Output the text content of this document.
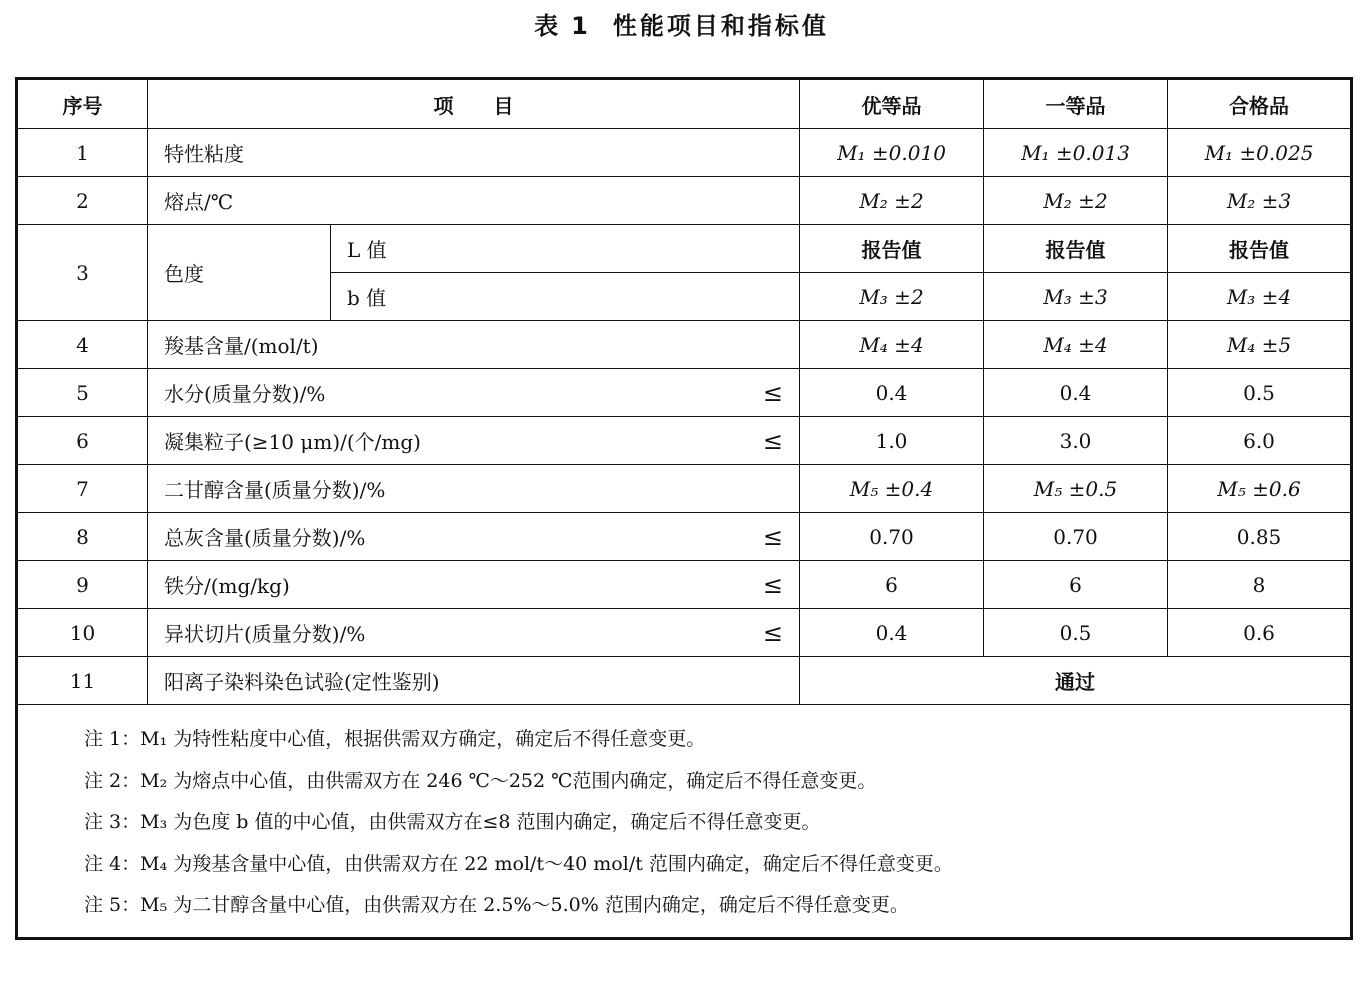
表 1 性能项目和指标值
序号	项　　目		优等品	一等品	合格品
1	特性粘度		M₁ ±0.010	M₁ ±0.013	M₁ ±0.025
2	熔点/℃		M₂ ±2	M₂ ±2	M₂ ±3
3	色度	L 值	报告值	报告值	报告值
		b 值	M₃ ±2	M₃ ±3	M₃ ±4
4	羧基含量/(mol/t)		M₄ ±4	M₄ ±4	M₄ ±5
5	水分(质量分数)/% ≤		0.4	0.4	0.5
6	凝集粒子(≥10 μm)/(个/mg) ≤		1.0	3.0	6.0
7	二甘醇含量(质量分数)/%		M₅ ±0.4	M₅ ±0.5	M₅ ±0.6
8	总灰含量(质量分数)/% ≤		0.70	0.70	0.85
9	铁分/(mg/kg) ≤		6	6	8
10	异状切片(质量分数)/% ≤		0.4	0.5	0.6
11	阳离子染料染色试验(定性鉴别)		通过		

注 1：M₁ 为特性粘度中心值，根据供需双方确定，确定后不得任意变更。
注 2：M₂ 为熔点中心值，由供需双方在 246 ℃～252 ℃范围内确定，确定后不得任意变更。
注 3：M₃ 为色度 b 值的中心值，由供需双方在≤8 范围内确定，确定后不得任意变更。
注 4：M₄ 为羧基含量中心值，由供需双方在 22 mol/t～40 mol/t 范围内确定，确定后不得任意变更。
注 5：M₅ 为二甘醇含量中心值，由供需双方在 2.5%～5.0% 范围内确定，确定后不得任意变更。					
